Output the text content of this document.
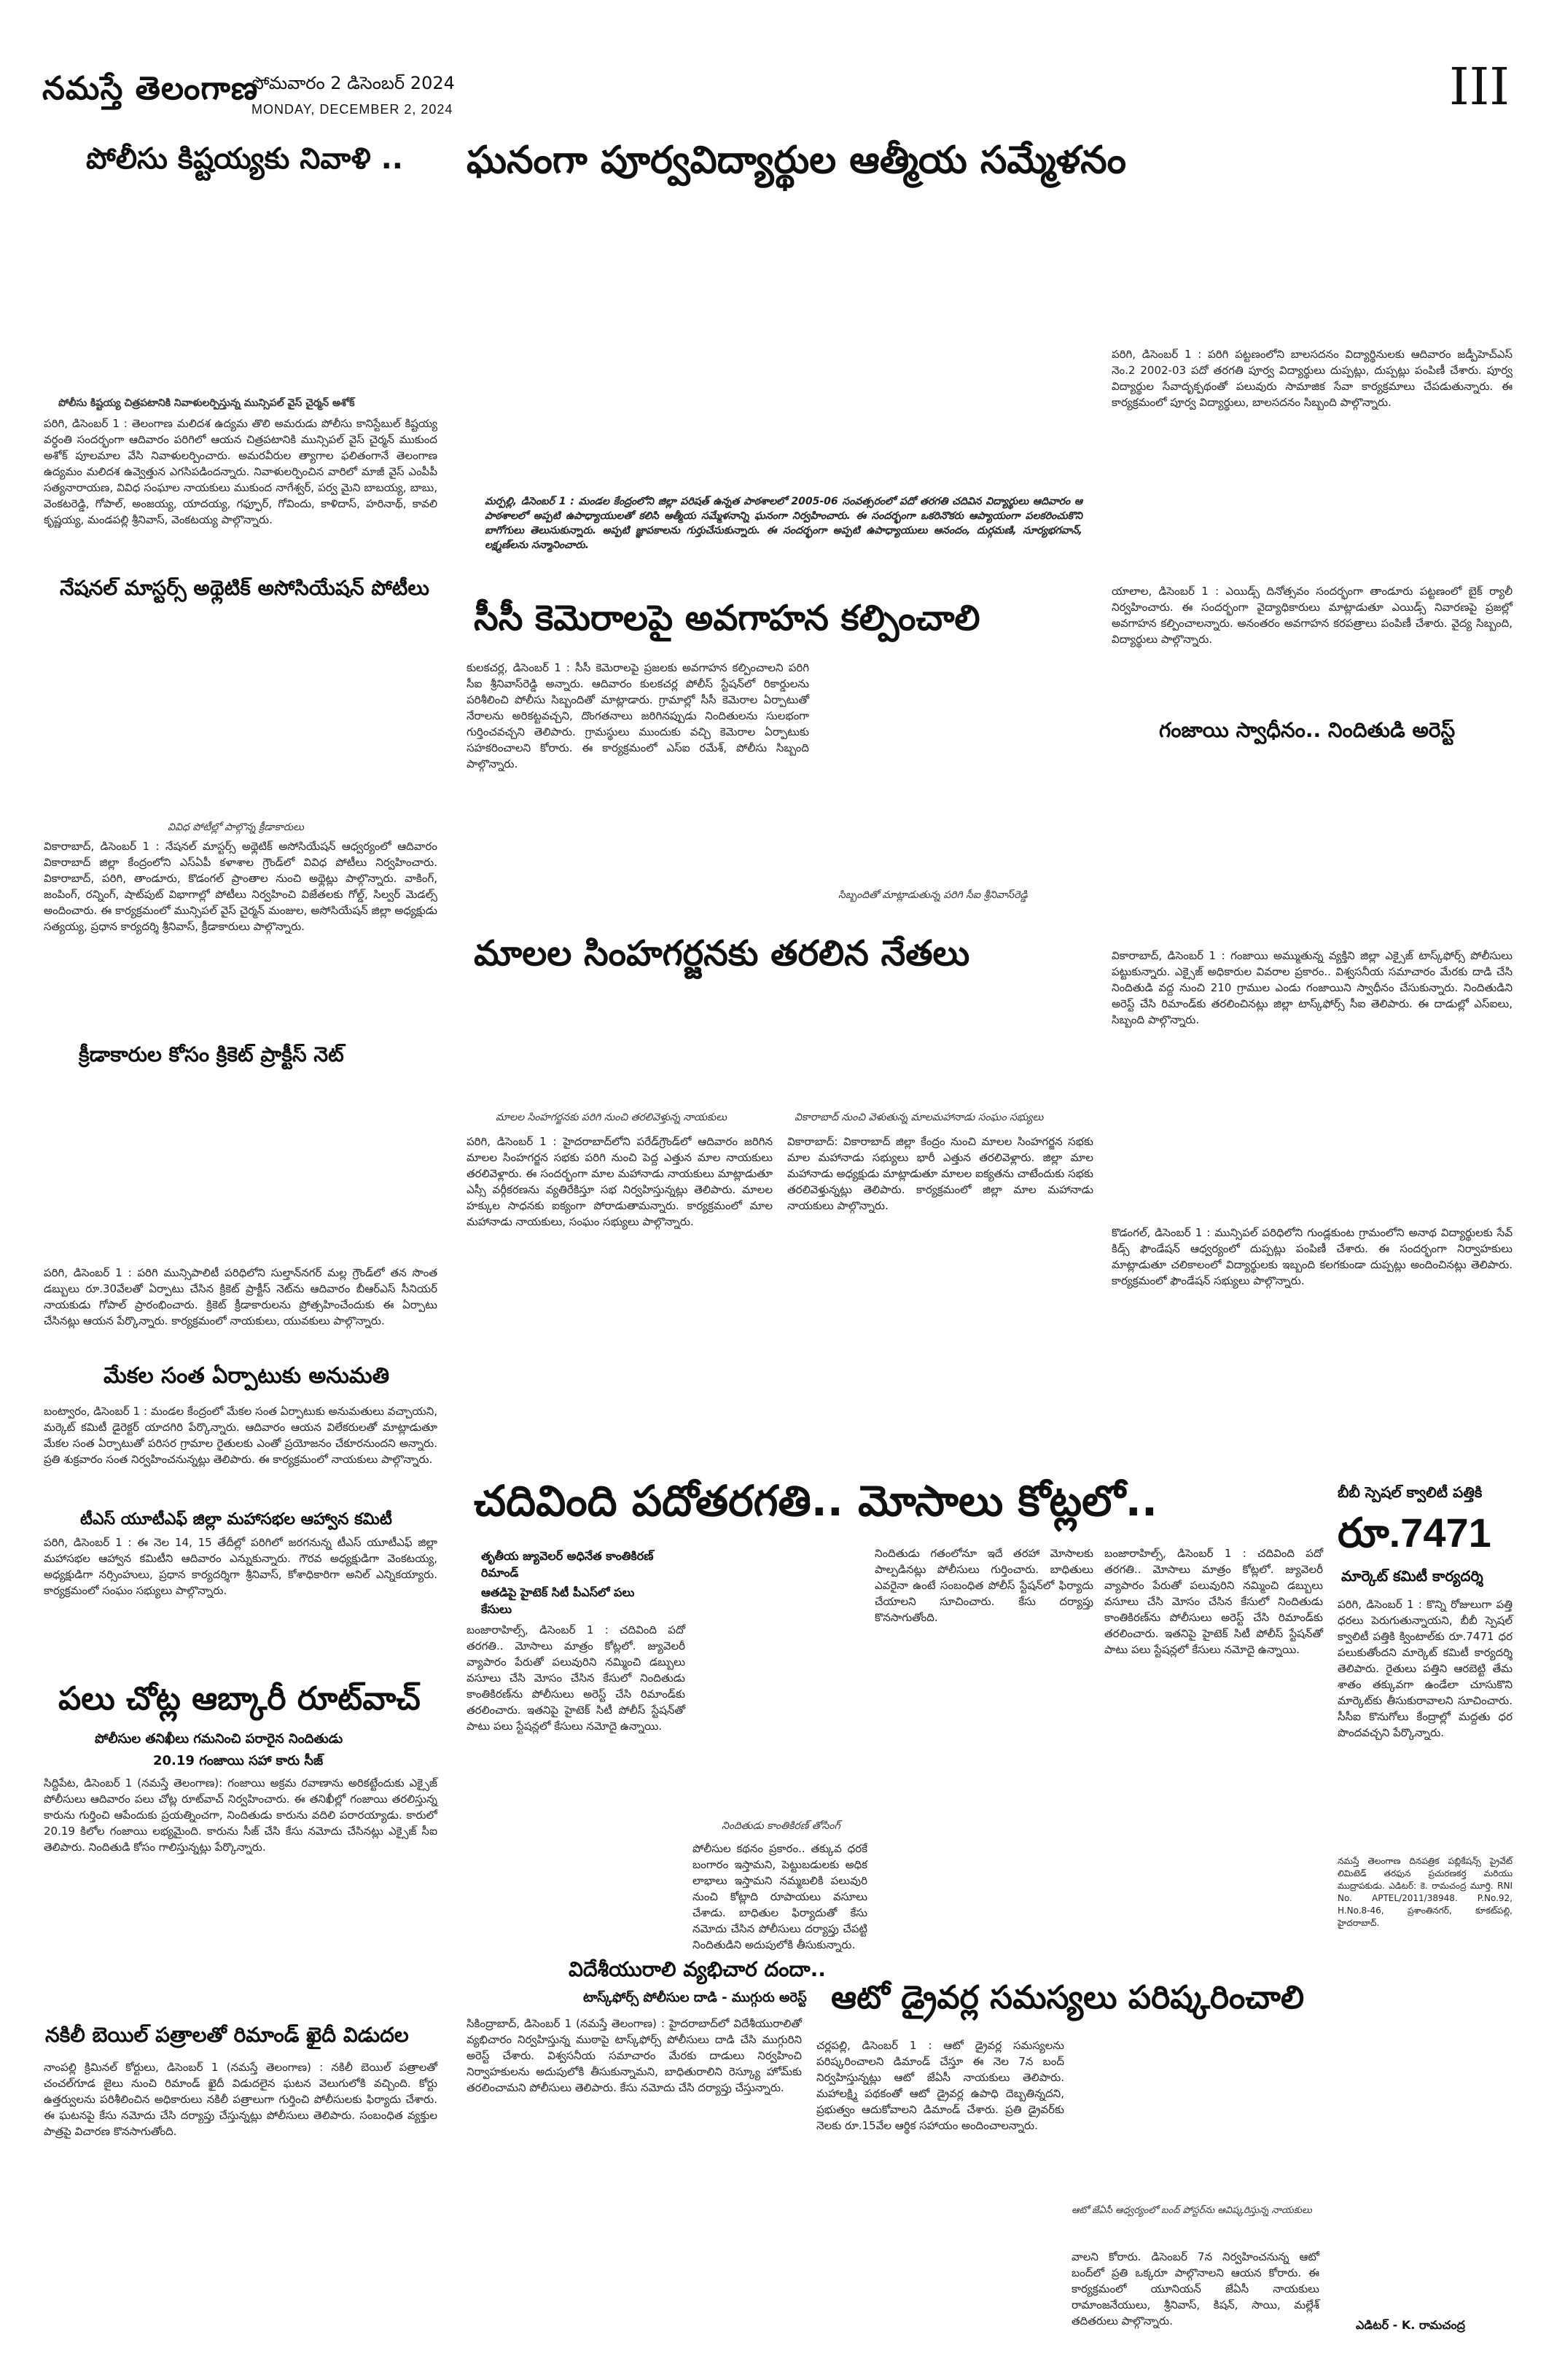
నమస్తే తెలంగాణ
సోమవారం 2 డిసెంబర్ 2024
MONDAY, DECEMBER 2, 2024	III
పోలీసు కిష్టయ్యకు నివాళి .. ఘనంగా పూర్వవిద్యార్థుల ఆత్మీయ సమ్మేళనం
పరిగి, డిసెంబర్ 1 : పరిగి పట్టణంలోని బాలసదనం విద్యార్థినులకు ఆదివారం జడ్పీహెచ్‌ఎస్ నెం.2 2002-03 పదో తరగతి పూర్వ విద్యార్థులు దుప్పట్లు, దుప్పట్లు పంపిణీ చేశారు. పూర్వ విద్యార్థుల సేవాదృక్పథంతో పలువురు సామాజిక సేవా కార్యక్రమాలు చేపడుతున్నారు. ఈ కార్యక్రమంలో పూర్వ విద్యార్థులు, బాలసదనం సిబ్బంది పాల్గొన్నారు.
పోలీసు కిష్టయ్య చిత్రపటానికి నివాళులర్పిస్తున్న మున్సిపల్ వైస్ చైర్మన్ అశోక్
పరిగి, డిసెంబర్ 1 : తెలంగాణ మలిదశ ఉద్యమ తొలి అమరుడు పోలీసు కానిస్టేబుల్ కిష్టయ్య వర్ధంతి సందర్భంగా ఆదివారం పరిగిలో ఆయన చిత్రపటానికి మున్సిపల్ వైస్ చైర్మన్ ముకుంద అశోక్ పూలమాల వేసి నివాళులర్పించారు. అమరవీరుల త్యాగాల ఫలితంగానే తెలంగాణ ఉద్యమం మలిదశ ఉవ్వెత్తున ఎగసిపడిందన్నారు. నివాళులర్పించిన వారిలో మాజీ వైస్ ఎంపీపీ సత్యనారాయణ, వివిధ సంఘాల నాయకులు ముకుంద నాగేశ్వర్, పర్వ మైని బాబయ్య, బాబు, వెంకటరెడ్డి, గోపాల్, అంజయ్య, యాదయ్య, గఫ్ఫూర్, గోవిందు, కాళిదాస్, హరినాథ్, కావలి కృష్ణయ్య, మండపల్లి శ్రీనివాస్, వెంకటయ్య పాల్గొన్నారు.
మర్పల్లి, డిసెంబర్ 1 : మండల కేంద్రంలోని జిల్లా పరిషత్ ఉన్నత పాఠశాలలో 2005-06 సంవత్సరంలో పదో తరగతి చదివిన విద్యార్థులు ఆదివారం ఆ పాఠశాలలో అప్పటి ఉపాధ్యాయులతో కలిసి ఆత్మీయ సమ్మేళనాన్ని ఘనంగా నిర్వహించారు. ఈ సందర్భంగా ఒకరినొకరు ఆప్యాయంగా పలకరించుకొని బాగోగులు తెలుసుకున్నారు. అప్పటి జ్ఞాపకాలను గుర్తుచేసుకున్నారు. ఈ సందర్భంగా అప్పటి ఉపాధ్యాయులు ఆనందం, దుర్గమణి, సూర్యభగవాన్, లక్ష్మణ్‌లను సన్మానించారు.
నేషనల్ మాస్టర్స్ అథ్లెటిక్ అసోసియేషన్ పోటీలు
వివిధ పోటీల్లో పాల్గొన్న క్రీడాకారులు
వికారాబాద్, డిసెంబర్ 1 : నేషనల్ మాస్టర్స్ అథ్లెటిక్ అసోసియేషన్ ఆధ్వర్యంలో ఆదివారం వికారాబాద్ జిల్లా కేంద్రంలోని ఎస్ఏపీ కళాశాల గ్రౌండ్‌లో వివిధ పోటీలు నిర్వహించారు. వికారాబాద్, పరిగి, తాండూరు, కొడంగల్ ప్రాంతాల నుంచి అథ్లెట్లు పాల్గొన్నారు. వాకింగ్, జంపింగ్, రన్నింగ్, షాట్‌పుట్ విభాగాల్లో పోటీలు నిర్వహించి విజేతలకు గోల్డ్, సిల్వర్ మెడల్స్ అందించారు. ఈ కార్యక్రమంలో మున్సిపల్ వైస్ చైర్మన్ మంజుల, అసోసియేషన్ జిల్లా అధ్యక్షుడు సత్యయ్య, ప్రధాన కార్యదర్శి శ్రీనివాస్, క్రీడాకారులు పాల్గొన్నారు.
క్రీడాకారుల కోసం క్రికెట్ ప్రాక్టీస్ నెట్
పరిగి, డిసెంబర్ 1 : పరిగి మున్సిపాలిటీ పరిధిలోని సుల్తాన్‌నగర్ మల్ల గ్రౌండ్‌లో తన సొంత డబ్బులు రూ.30వేలతో ఏర్పాటు చేసిన క్రికెట్ ప్రాక్టీస్ నెట్‌ను ఆదివారం బీఆర్ఎస్ సీనియర్ నాయకుడు గోపాల్ ప్రారంభించారు. క్రికెట్ క్రీడాకారులను ప్రోత్సహించేందుకు ఈ ఏర్పాటు చేసినట్లు ఆయన పేర్కొన్నారు. కార్యక్రమంలో నాయకులు, యువకులు పాల్గొన్నారు.
మేకల సంత ఏర్పాటుకు అనుమతి
బంట్వారం, డిసెంబర్ 1 : మండల కేంద్రంలో మేకల సంత ఏర్పాటుకు అనుమతులు వచ్చాయని, మర్కెట్ కమిటీ డైరెక్టర్ యాదగిరి పేర్కొన్నారు. ఆదివారం ఆయన విలేకరులతో మాట్లాడుతూ మేకల సంత ఏర్పాటుతో పరిసర గ్రామాల రైతులకు ఎంతో ప్రయోజనం చేకూరనుందని అన్నారు. ప్రతి శుక్రవారం సంత నిర్వహించనున్నట్లు తెలిపారు. ఈ కార్యక్రమంలో నాయకులు పాల్గొన్నారు.
టీఎస్ యూటీఎఫ్ జిల్లా మహాసభల ఆహ్వాన కమిటీ
పరిగి, డిసెంబర్ 1 : ఈ నెల 14, 15 తేదీల్లో పరిగిలో జరగనున్న టీఎస్ యూటీఎఫ్ జిల్లా మహాసభల ఆహ్వాన కమిటీని ఆదివారం ఎన్నుకున్నారు. గౌరవ అధ్యక్షుడిగా వెంకటయ్య, అధ్యక్షుడిగా నర్సింహులు, ప్రధాన కార్యదర్శిగా శ్రీనివాస్, కోశాధికారిగా అనిల్ ఎన్నికయ్యారు. కార్యక్రమంలో సంఘం సభ్యులు పాల్గొన్నారు.
పలు చోట్ల ఆబ్కారీ రూట్‌వాచ్
పోలీసుల తనిఖీలు గమనించి పరారైన నిందితుడు
20.19 గంజాయి సహా కారు సీజ్
సిద్దిపేట, డిసెంబర్ 1 (నమస్తే తెలంగాణ): గంజాయి అక్రమ రవాణాను అరికట్టేందుకు ఎక్సైజ్ పోలీసులు ఆదివారం పలు చోట్ల రూట్‌వాచ్ నిర్వహించారు. ఈ తనిఖీల్లో గంజాయి తరలిస్తున్న కారును గుర్తించి ఆపేందుకు ప్రయత్నించగా, నిందితుడు కారును వదిలి పరారయ్యాడు. కారులో 20.19 కిలోల గంజాయి లభ్యమైంది. కారును సీజ్ చేసి కేసు నమోదు చేసినట్లు ఎక్సైజ్ సీఐ తెలిపారు. నిందితుడి కోసం గాలిస్తున్నట్లు పేర్కొన్నారు.
నకిలీ బెయిల్ పత్రాలతో రిమాండ్ ఖైదీ విడుదల
నాంపల్లి క్రిమినల్ కోర్టులు, డిసెంబర్ 1 (నమస్తే తెలంగాణ) : నకిలీ బెయిల్ పత్రాలతో చంచల్‌గూడ జైలు నుంచి రిమాండ్ ఖైదీ విడుదలైన ఘటన వెలుగులోకి వచ్చింది. కోర్టు ఉత్తర్వులను పరిశీలించిన అధికారులు నకిలీ పత్రాలుగా గుర్తించి పోలీసులకు ఫిర్యాదు చేశారు. ఈ ఘటనపై కేసు నమోదు చేసి దర్యాప్తు చేస్తున్నట్లు పోలీసులు తెలిపారు. సంబంధిత వ్యక్తుల పాత్రపై విచారణ కొనసాగుతోంది.
సీసీ కెమెరాలపై అవగాహన కల్పించాలి
కులకచర్ల, డిసెంబర్ 1 : సీసీ కెమెరాలపై ప్రజలకు అవగాహన కల్పించాలని పరిగి సీఐ శ్రీనివాస్‌రెడ్డి అన్నారు. ఆదివారం కులకచర్ల పోలీస్ స్టేషన్‌లో రికార్డులను పరిశీలించి పోలీసు సిబ్బందితో మాట్లాడారు. గ్రామాల్లో సీసీ కెమెరాల ఏర్పాటుతో నేరాలను అరికట్టవచ్చని, దొంగతనాలు జరిగినప్పుడు నిందితులను సులభంగా గుర్తించవచ్చని తెలిపారు. గ్రామస్థులు ముందుకు వచ్చి కెమెరాల ఏర్పాటుకు సహకరించాలని కోరారు. ఈ కార్యక్రమంలో ఎస్ఐ రమేశ్, పోలీసు సిబ్బంది పాల్గొన్నారు.
సిబ్బందితో మాట్లాడుతున్న పరిగి సీఐ శ్రీనివాస్‌రెడ్డి
యాలాల, డిసెంబర్ 1 : ఎయిడ్స్ దినోత్సవం సందర్భంగా తాండూరు పట్టణంలో బైక్ ర్యాలీ నిర్వహించారు. ఈ సందర్భంగా వైద్యాధికారులు మాట్లాడుతూ ఎయిడ్స్ నివారణపై ప్రజల్లో అవగాహన కల్పించాలన్నారు. అనంతరం అవగాహన కరపత్రాలు పంపిణీ చేశారు. వైద్య సిబ్బంది, విద్యార్థులు పాల్గొన్నారు.
గంజాయి స్వాధీనం.. నిందితుడి అరెస్ట్
వికారాబాద్, డిసెంబర్ 1 : గంజాయి అమ్ముతున్న వ్యక్తిని జిల్లా ఎక్సైజ్ టాస్క్‌ఫోర్స్ పోలీసులు పట్టుకున్నారు. ఎక్సైజ్ అధికారుల వివరాల ప్రకారం.. విశ్వసనీయ సమాచారం మేరకు దాడి చేసి నిందితుడి వద్ద నుంచి 210 గ్రాముల ఎండు గంజాయిని స్వాధీనం చేసుకున్నారు. నిందితుడిని అరెస్ట్ చేసి రిమాండ్‌కు తరలించినట్లు జిల్లా టాస్క్‌ఫోర్స్ సీఐ తెలిపారు. ఈ దాడుల్లో ఎస్ఐలు, సిబ్బంది పాల్గొన్నారు.
మాలల సింహగర్జనకు తరలిన నేతలు
మాలల సింహగర్జనకు పరిగి నుంచి తరలివెళ్తున్న నాయకులు	వికారాబాద్ నుంచి వెళుతున్న మాలమహానాడు సంఘం సభ్యులు
పరిగి, డిసెంబర్ 1 : హైదరాబాద్‌లోని పరేడ్‌గ్రౌండ్‌లో ఆదివారం జరిగిన మాలల సింహగర్జన సభకు పరిగి నుంచి పెద్ద ఎత్తున మాల నాయకులు తరలివెళ్లారు. ఈ సందర్భంగా మాల మహానాడు నాయకులు మాట్లాడుతూ ఎస్సీ వర్గీకరణను వ్యతిరేకిస్తూ సభ నిర్వహిస్తున్నట్లు తెలిపారు. మాలల హక్కుల సాధనకు ఐక్యంగా పోరాడుతామన్నారు. కార్యక్రమంలో మాల మహానాడు నాయకులు, సంఘం సభ్యులు పాల్గొన్నారు.
వికారాబాద్: వికారాబాద్ జిల్లా కేంద్రం నుంచి మాలల సింహగర్జన సభకు మాల మహానాడు సభ్యులు భారీ ఎత్తున తరలివెళ్లారు. జిల్లా మాల మహానాడు అధ్యక్షుడు మాట్లాడుతూ మాలల ఐక్యతను చాటేందుకు సభకు తరలివెళ్తున్నట్లు తెలిపారు. కార్యక్రమంలో జిల్లా మాల మహానాడు నాయకులు పాల్గొన్నారు.
కొడంగల్, డిసెంబర్ 1 : మున్సిపల్ పరిధిలోని గుండ్లకుంట గ్రామంలోని అనాథ విద్యార్థులకు సేవ్ కిడ్స్ ఫౌండేషన్ ఆధ్వర్యంలో దుప్పట్లు పంపిణీ చేశారు. ఈ సందర్భంగా నిర్వాహకులు మాట్లాడుతూ చలికాలంలో విద్యార్థులకు ఇబ్బంది కలగకుండా దుప్పట్లు అందించినట్లు తెలిపారు. కార్యక్రమంలో ఫౌండేషన్ సభ్యులు పాల్గొన్నారు.
చదివింది పదోతరగతి.. మోసాలు కోట్లలో..
తృతీయ జ్యువెలర్ అధినేత కాంతికిరణ్ రిమాండ్
ఆతడిపై హైటెక్ సిటీ పీఎస్‌లో పలు కేసులు
బంజారాహిల్స్, డిసెంబర్ 1 : చదివింది పదో తరగతి.. మోసాలు మాత్రం కోట్లలో. జ్యువెలరీ వ్యాపారం పేరుతో పలువురిని నమ్మించి డబ్బులు వసూలు చేసి మోసం చేసిన కేసులో నిందితుడు కాంతికిరణ్‌ను పోలీసులు అరెస్ట్ చేసి రిమాండ్‌కు తరలించారు. ఇతనిపై హైటెక్ సిటీ పోలీస్ స్టేషన్‌తో పాటు పలు స్టేషన్లలో కేసులు నమోదై ఉన్నాయి.
నిందితుడు కాంతికిరణ్ తోసింగ్
పోలీసుల కథనం ప్రకారం.. తక్కువ ధరకే బంగారం ఇస్తామని, పెట్టుబడులకు అధిక లాభాలు ఇస్తామని నమ్మబలికి పలువురి నుంచి కోట్లాది రూపాయలు వసూలు చేశాడు. బాధితుల ఫిర్యాదుతో కేసు నమోదు చేసిన పోలీసులు దర్యాప్తు చేపట్టి నిందితుడిని అదుపులోకి తీసుకున్నారు.
నిందితుడు గతంలోనూ ఇదే తరహా మోసాలకు పాల్పడినట్లు పోలీసులు గుర్తించారు. బాధితులు ఎవరైనా ఉంటే సంబంధిత పోలీస్ స్టేషన్‌లో ఫిర్యాదు చేయాలని సూచించారు. కేసు దర్యాప్తు కొనసాగుతోంది.
బంజారాహిల్స్, డిసెంబర్ 1 : చదివింది పదో తరగతి.. మోసాలు మాత్రం కోట్లలో. జ్యువెలరీ వ్యాపారం పేరుతో పలువురిని నమ్మించి డబ్బులు వసూలు చేసి మోసం చేసిన కేసులో నిందితుడు కాంతికిరణ్‌ను పోలీసులు అరెస్ట్ చేసి రిమాండ్‌కు తరలించారు. ఇతనిపై హైటెక్ సిటీ పోలీస్ స్టేషన్‌తో పాటు పలు స్టేషన్లలో కేసులు నమోదై ఉన్నాయి.
బీబీ స్పెషల్ క్వాలిటీ పత్తికి
రూ.7471
మార్కెట్ కమిటీ కార్యదర్శి
పరిగి, డిసెంబర్ 1 : కొన్ని రోజులుగా పత్తి ధరలు పెరుగుతున్నాయని, బీబీ స్పెషల్ క్వాలిటీ పత్తికి క్వింటాల్‌కు రూ.7471 ధర పలుకుతోందని మార్కెట్ కమిటీ కార్యదర్శి తెలిపారు. రైతులు పత్తిని ఆరబెట్టి తేమ శాతం తక్కువగా ఉండేలా చూసుకొని మార్కెట్‌కు తీసుకురావాలని సూచించారు. సీసీఐ కొనుగోలు కేంద్రాల్లో మద్దతు ధర పొందవచ్చని పేర్కొన్నారు.
నమస్తే తెలంగాణ దినపత్రిక పబ్లికేషన్స్ ప్రైవేట్ లిమిటెడ్ తరఫున ప్రచురణకర్త మరియు ముద్రాపకుడు. ఎడిటర్: కె. రామచంద్ర మూర్తి. RNI No. APTEL/2011/38948. P.No.92, H.No.8-46, ప్రశాంతినగర్, కూకట్‌పల్లి, హైదరాబాద్.
ఎడిటర్ - K. రామచంద్ర
విదేశీయురాలి వ్యభిచార దందా..
టాస్క్‌ఫోర్స్ పోలీసుల దాడి - ముగ్గురు అరెస్ట్
సికింద్రాబాద్, డిసెంబర్ 1 (నమస్తే తెలంగాణ) : హైదరాబాద్‌లో విదేశీయురాలితో వ్యభిచారం నిర్వహిస్తున్న ముఠాపై టాస్క్‌ఫోర్స్ పోలీసులు దాడి చేసి ముగ్గురిని అరెస్ట్ చేశారు. విశ్వసనీయ సమాచారం మేరకు దాడులు నిర్వహించి నిర్వాహకులను అదుపులోకి తీసుకున్నామని, బాధితురాలిని రెస్క్యూ హోమ్‌కు తరలించామని పోలీసులు తెలిపారు. కేసు నమోదు చేసి దర్యాప్తు చేస్తున్నారు.
ఆటో డ్రైవర్ల సమస్యలు పరిష్కరించాలి
చర్లపల్లి, డిసెంబర్ 1 : ఆటో డ్రైవర్ల సమస్యలను పరిష్కరించాలని డిమాండ్ చేస్తూ ఈ నెల 7న బంద్ నిర్వహిస్తున్నట్లు ఆటో జేఏసీ నాయకులు తెలిపారు. మహాలక్ష్మి పథకంతో ఆటో డ్రైవర్ల ఉపాధి దెబ్బతిన్నదని, ప్రభుత్వం ఆదుకోవాలని డిమాండ్ చేశారు. ప్రతి డ్రైవర్‌కు నెలకు రూ.15వేల ఆర్థిక సహాయం అందించాలన్నారు.
ఆటో జేఏసీ ఆధ్వర్యంలో బంద్ పోస్టర్‌ను ఆవిష్కరిస్తున్న నాయకులు
వాలని కోరారు. డిసెంబర్ 7న నిర్వహించనున్న ఆటో బంద్‌లో ప్రతి ఒక్కరూ పాల్గొనాలని ఆయన కోరారు. ఈ కార్యక్రమంలో యూనియన్ జేఏసీ నాయకులు రామాంజనేయులు, శ్రీనివాస్, కిషన్, సాయి, మల్లేశ్ తదితరులు పాల్గొన్నారు.
